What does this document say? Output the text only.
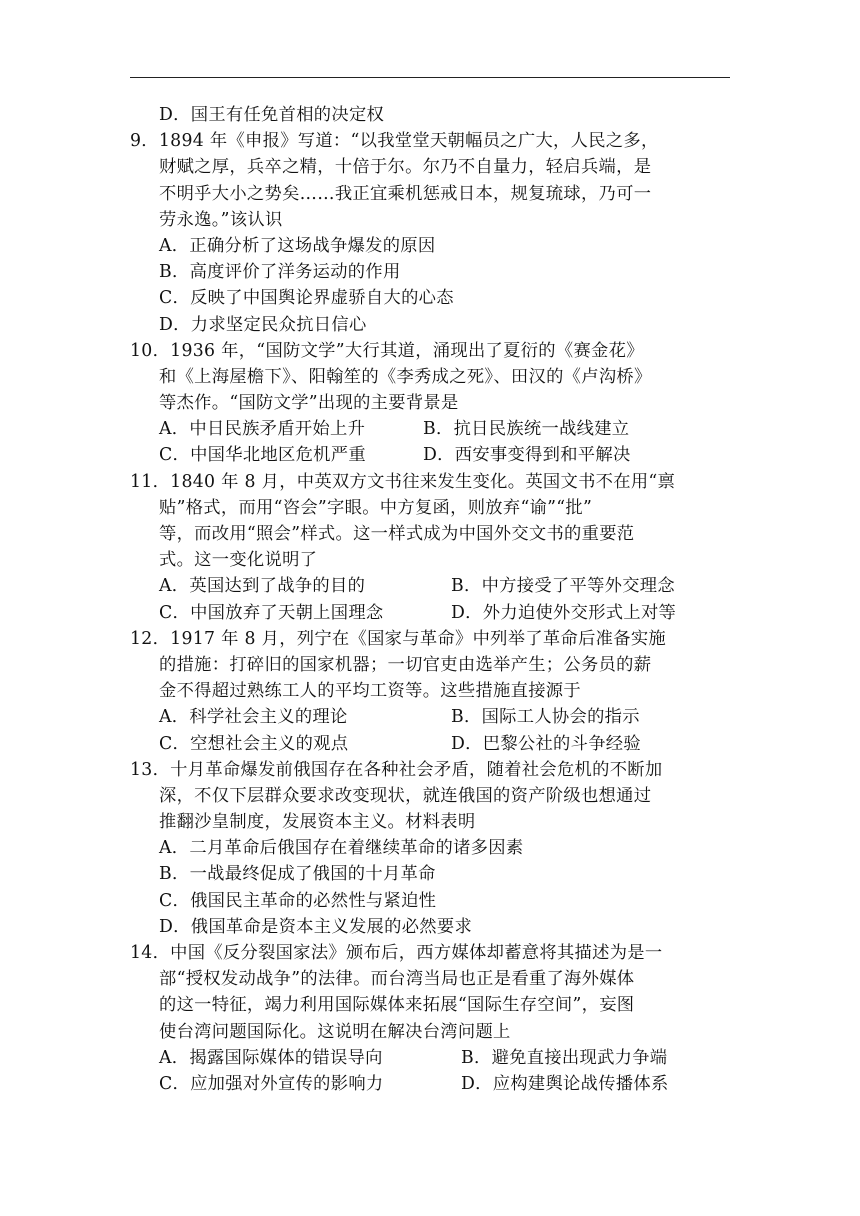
D．国王有任免首相的决定权
9．1894 年《申报》写道：“以我堂堂天朝幅员之广大，人民之多，
财赋之厚，兵卒之精，十倍于尔。尔乃不自量力，轻启兵端，是
不明乎大小之势矣……我正宜乘机惩戒日本，规复琉球，乃可一
劳永逸。”该认识
A．正确分析了这场战争爆发的原因
B．高度评价了洋务运动的作用
C．反映了中国舆论界虚骄自大的心态
D．力求坚定民众抗日信心
10．1936 年，“国防文学”大行其道，涌现出了夏衍的《赛金花》
和《上海屋檐下》、阳翰笙的《李秀成之死》、田汉的《卢沟桥》
等杰作。“国防文学”出现的主要背景是
A．中日民族矛盾开始上升	B．抗日民族统一战线建立
C．中国华北地区危机严重	D．西安事变得到和平解决
11．1840 年 8 月，中英双方文书往来发生变化。英国文书不在用“禀
贴”格式，而用“咨会”字眼。中方复函，则放弃“谕”“批”
等，而改用“照会”样式。这一样式成为中国外交文书的重要范
式。这一变化说明了
A．英国达到了战争的目的	B．中方接受了平等外交理念
C．中国放弃了天朝上国理念	D．外力迫使外交形式上对等
12．1917 年 8 月，列宁在《国家与革命》中列举了革命后准备实施
的措施：打碎旧的国家机器；一切官吏由选举产生；公务员的薪
金不得超过熟练工人的平均工资等。这些措施直接源于
A．科学社会主义的理论	B．国际工人协会的指示
C．空想社会主义的观点	D．巴黎公社的斗争经验
13．十月革命爆发前俄国存在各种社会矛盾，随着社会危机的不断加
深，不仅下层群众要求改变现状，就连俄国的资产阶级也想通过
推翻沙皇制度，发展资本主义。材料表明
A．二月革命后俄国存在着继续革命的诸多因素
B．一战最终促成了俄国的十月革命
C．俄国民主革命的必然性与紧迫性
D．俄国革命是资本主义发展的必然要求
14．中国《反分裂国家法》颁布后，西方媒体却蓄意将其描述为是一
部“授权发动战争”的法律。而台湾当局也正是看重了海外媒体
的这一特征，竭力利用国际媒体来拓展“国际生存空间”，妄图
使台湾问题国际化。这说明在解决台湾问题上
A．揭露国际媒体的错误导向	B．避免直接出现武力争端
C．应加强对外宣传的影响力	D．应构建舆论战传播体系
